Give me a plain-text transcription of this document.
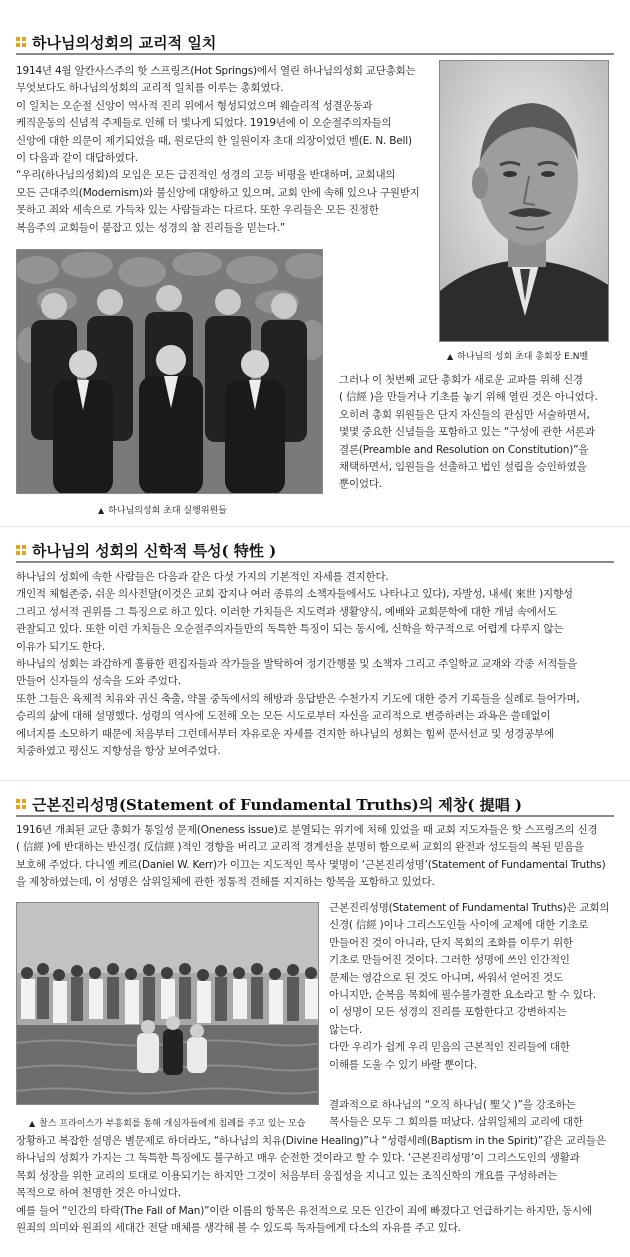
하나님의성회의 교리적 일치

1914년 4월 알칸사스주의 핫 스프링즈(Hot Springs)에서 열린 하나님의성회 교단총회는

무엇보다도 하나님의성회의 교리적 일치를 이루는 총회였다.

이 일치는 오순절 신앙이 역사적 진리 위에서 형성되었으며 웨슬리적 성결운동과

케직운동의 신념적 주제들로 인해 더 빛나게 되었다. 1919년에 이 오순절주의자들의

신앙에 대한 의문이 제기되었을 때, 원로단의 한 일원이자 초대 의장이었던 벨(E. N. Bell)

이 다음과 같이 대답하였다.

“우리(하나님의성회)의 모임은 모든 급진적인 성경의 고등 비평을 반대하며, 교회내의

모든 근대주의(Modernism)와 불신앙에 대항하고 있으며, 교회 안에 속해 있으나 구원받지

못하고 죄와 세속으로 가득차 있는 사람들과는 다르다. 또한 우리들은 모든 진정한

복음주의 교회들이 붙잡고 있는 성경의 참 진리들을 믿는다.”

▲ 하나님의 성회 초대 총회장 E.N벨
▲ 하나님의성회 초대 실행위원들

그러나 이 첫번째 교단 총회가 새로운 교파를 위해 신경

( 信經 )을 만들거나 기초를 놓기 위해 열린 것은 아니었다.

오히려 총회 위원들은 단지 자신들의 관심만 서술하면서,

몇몇 중요한 신념들을 포함하고 있는 “구성에 관한 서론과

결론(Preamble and Resolution on Constitution)”을

채택하면서, 임원들을 선출하고 법인 설립을 승인하였을

뿐이었다.

하나님의 성회의 신학적 특성( 特性 )

하나님의 성회에 속한 사람들은 다음과 같은 다섯 가지의 기본적인 자세를 견지한다.

개인적 체험존중, 쉬운 의사전달(이것은 교회 잡지나 여러 종류의 소책자들에서도 나타나고 있다), 자발성, 내세( 來世 )지향성

그리고 성서적 권위를 그 특징으로 하고 있다. 이러한 가치들은 지도력과 생활양식, 예배와 교회문학에 대한 개념 속에서도

관찰되고 있다. 또한 이런 가치들은 오순절주의자들만의 독특한 특징이 되는 동시에, 신학을 학구적으로 어렵게 다루지 않는

이유가 되기도 한다.

하나님의 성회는 과감하게 훌륭한 편집자들과 작가들을 발탁하여 정기간행물 및 소책자 그리고 주일학교 교재와 각종 서적들을

만들어 신자들의 성숙을 도와 주었다.

또한 그들은 육체적 치유와 귀신 축출, 약물 중독에서의 해방과 응답받은 수천가지 기도에 대한 증거 기록들을 실례로 들어가며,

승리의 삶에 대해 설명했다. 성령의 역사에 도전해 오는 모든 시도로부터 자신을 교리적으로 변증하려는 과욕은 쓸데없이

에너지를 소모하기 때문에 처음부터 그런데서부터 자유로운 자세를 견지한 하나님의 성회는 힘써 문서선교 및 성경공부에

치중하였고 평신도 지향성을 항상 보여주었다.

근본진리성명(Statement of Fundamental Truths)의 제창( 提唱 )

1916년 개최된 교단 총회가 통일성 문제(Oneness issue)로 분열되는 위기에 처해 있었을 때 교회 지도자들은 핫 스프링즈의 신경

( 信經 )에 반대하는 반신경( 反信經 )적인 경향을 버리고 교리적 경계선을 분명히 함으로써 교회의 완전과 성도들의 복된 믿음을

보호해 주었다. 다니엘 케르(Daniel W. Kerr)가 이끄는 지도적인 목사 몇명이 ‘근본진리성명’(Statement of Fundamental Truths)

을 제창하였는데, 이 성명은 삼위일체에 관한 정통적 견해를 지지하는 항목을 포함하고 있었다.

▲ 찰스 프라이스가 부흥회를 통해 개심자들에게 침례를 주고 있는 모습

근본진리성명(Statement of Fundamental Truths)은 교회의

신경( 信經 )이나 그리스도인들 사이에 교제에 대한 기초로

만들어진 것이 아니라, 단지 목회의 조화를 이루기 위한

기초로 만들어진 것이다. 그러한 성명에 쓰인 인간적인

문제는 영감으로 된 것도 아니며, 싸워서 얻어진 것도

아니지만, 순복음 목회에 필수불가결한 요소라고 할 수 있다.

이 성명이 모든 성경의 진리를 포함한다고 강변하지는

않는다.

다만 우리가 쉽게 우리 믿음의 근본적인 진리들에 대한

이해를 도울 수 있기 바랄 뿐이다.

결과적으로 하나님의 “오직 하나님( 聖父 )”을 강조하는

목사들은 모두 그 회의를 떠났다. 삼위일체의 교리에 대한

장황하고 복잡한 설명은 별문제로 하더라도, “하나님의 치유(Divine Healing)”나 “성령세례(Baptism in the Spirit)”같은 교리들은

하나님의 성회가 가지는 그 독특한 특징에도 불구하고 매우 순전한 것이라고 할 수 있다. ‘근본진리성명’이 그리스도인의 생활과

목회 성장을 위한 교리의 토대로 이용되기는 하지만 그것이 처음부터 응집성을 지니고 있는 조직신학의 개요를 구성하려는

목적으로 하여 천명한 것은 아니었다.

예를 들어 “인간의 타락(The Fall of Man)”이란 이름의 항목은 유전적으로 모든 인간이 죄에 빠졌다고 언급하기는 하지만, 동시에

원죄의 의미와 원죄의 세대간 전달 매체를 생각해 볼 수 있도록 독자들에게 다소의 자유를 주고 있다.
